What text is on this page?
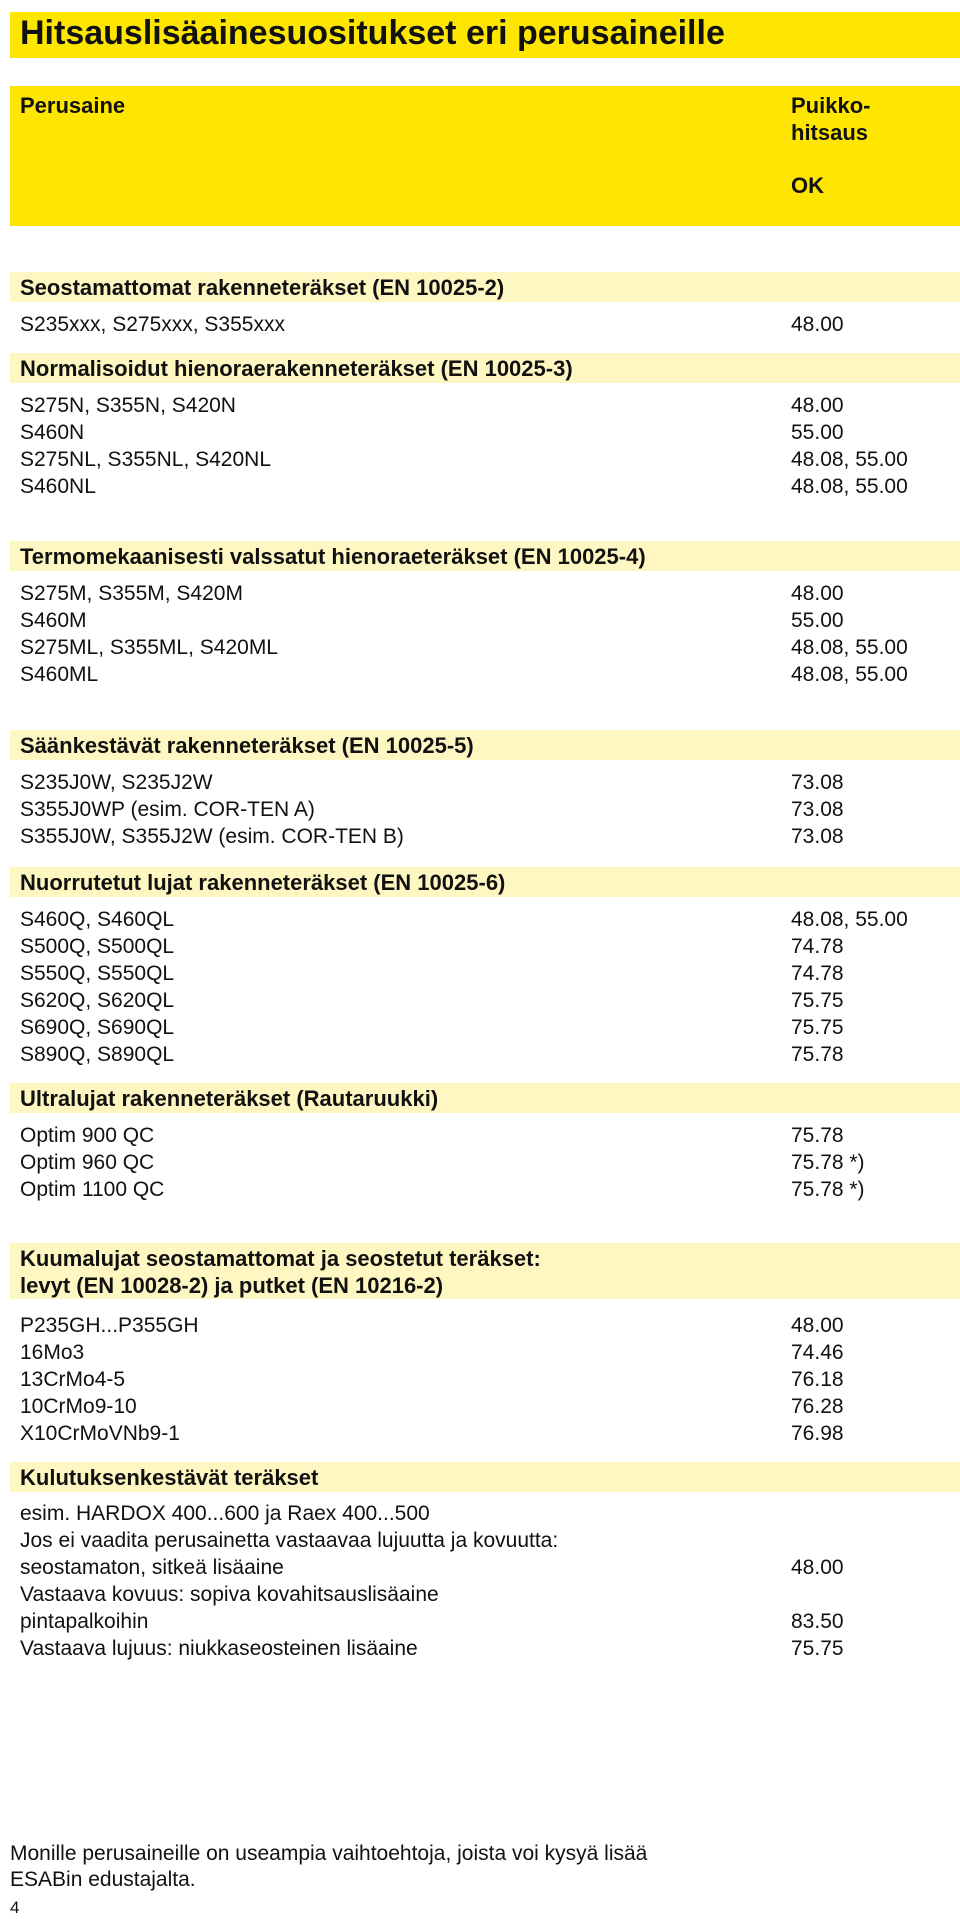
Hitsauslisäainesuositukset eri perusaineille
Perusaine	Puikko-
hitsaus
OK
Seostamattomat rakenneteräkset (EN 10025-2)
S235xxx, S275xxx, S355xxx	48.00
Normalisoidut hienoraerakenneteräkset (EN 10025-3)
S275N, S355N, S420N	48.00
S460N	55.00
S275NL, S355NL, S420NL	48.08, 55.00
S460NL	48.08, 55.00
Termomekaanisesti valssatut hienoraeteräkset (EN 10025-4)
S275M, S355M, S420M	48.00
S460M	55.00
S275ML, S355ML, S420ML	48.08, 55.00
S460ML	48.08, 55.00
Säänkestävät rakenneteräkset (EN 10025-5)
S235J0W, S235J2W	73.08
S355J0WP (esim. COR-TEN A)	73.08
S355J0W, S355J2W (esim. COR-TEN B)	73.08
Nuorrutetut lujat rakenneteräkset (EN 10025-6)
S460Q, S460QL	48.08, 55.00
S500Q, S500QL	74.78
S550Q, S550QL	74.78
S620Q, S620QL	75.75
S690Q, S690QL	75.75
S890Q, S890QL	75.78
Ultralujat rakenneteräkset (Rautaruukki)
Optim 900 QC	75.78
Optim 960 QC	75.78 *)
Optim 1100 QC	75.78 *)
Kuumalujat seostamattomat ja seostetut teräkset:
levyt (EN 10028-2) ja putket (EN 10216-2)
P235GH...P355GH	48.00
16Mo3	74.46
13CrMo4-5	76.18
10CrMo9-10	76.28
X10CrMoVNb9-1	76.98
Kulutuksenkestävät teräkset
esim. HARDOX 400...600 ja Raex 400...500
Jos ei vaadita perusainetta vastaavaa lujuutta ja kovuutta:
seostamaton, sitkeä lisäaine	48.00
Vastaava kovuus: sopiva kovahitsauslisäaine
pintapalkoihin	83.50
Vastaava lujuus: niukkaseosteinen lisäaine	75.75
Monille perusaineille on useampia vaihtoehtoja, joista voi kysyä lisää
ESABin edustajalta.
4
